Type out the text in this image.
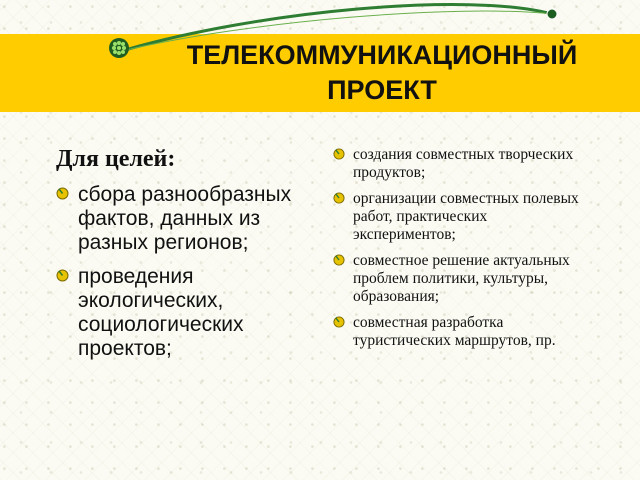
ТЕЛЕКОММУНИКАЦИОННЫЙ
ПРОЕКТ
Для целей:
сбора разнообразных фактов, данных из разных регионов;
проведения экологических, социологических проектов;
создания совместных творческих продуктов;
организации совместных полевых работ, практических экспериментов;
совместное решение актуальных проблем политики, культуры, образования;
совместная разработка туристических маршрутов, пр.
